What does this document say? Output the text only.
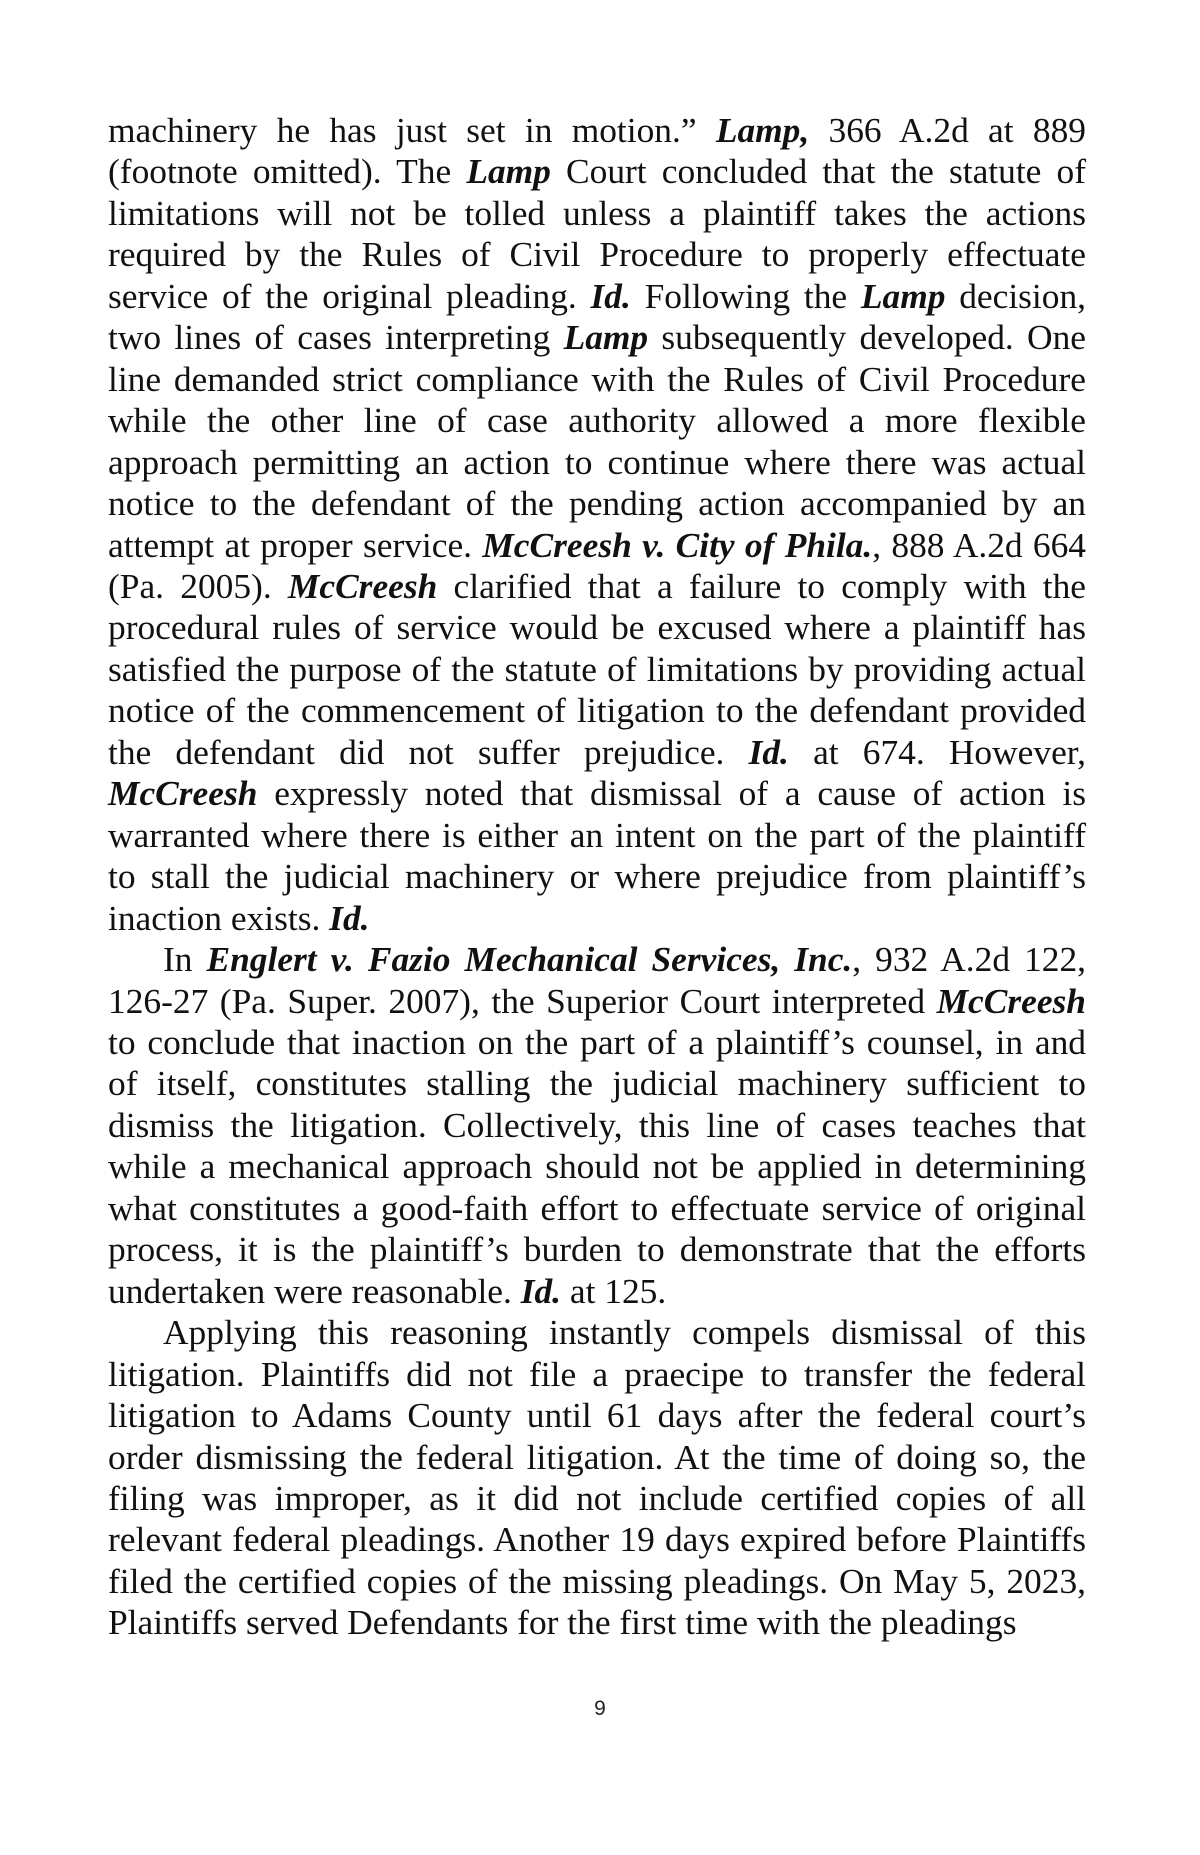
machinery he has just set in motion.” Lamp, 366 A.2d at 889 (footnote omitted). The Lamp Court concluded that the statute of limitations will not be tolled unless a plaintiff takes the actions required by the Rules of Civil Procedure to properly effectuate service of the original pleading. Id. Following the Lamp decision, two lines of cases interpreting Lamp subsequently developed. One line demanded strict compliance with the Rules of Civil Procedure while the other line of case authority allowed a more flexible approach permitting an action to continue where there was actual notice to the defendant of the pending action accompanied by an attempt at proper service. McCreesh v. City of Phila., 888 A.2d 664 (Pa. 2005). McCreesh clarified that a failure to comply with the procedural rules of service would be excused where a plaintiff has satisfied the purpose of the statute of limitations by providing actual notice of the commencement of litigation to the defendant provided the defendant did not suffer prejudice. Id. at 674. However, McCreesh expressly noted that dismissal of a cause of action is warranted where there is either an intent on the part of the plaintiff to stall the judicial machinery or where prejudice from plaintiff’s inaction exists. Id.

In Englert v. Fazio Mechanical Services, Inc., 932 A.2d 122, 126-27 (Pa. Super. 2007), the Superior Court interpreted McCreesh to conclude that inaction on the part of a plaintiff’s counsel, in and of itself, constitutes stalling the judicial machinery sufficient to dismiss the litigation. Collectively, this line of cases teaches that while a mechanical approach should not be applied in determining what constitutes a good-faith effort to effectuate service of original process, it is the plaintiff’s burden to demonstrate that the efforts undertaken were reasonable. Id. at 125.

Applying this reasoning instantly compels dismissal of this litigation. Plaintiffs did not file a praecipe to transfer the federal litigation to Adams County until 61 days after the federal court’s order dismissing the federal litigation. At the time of doing so, the filing was improper, as it did not include certified copies of all relevant federal pleadings. Another 19 days expired before Plaintiffs filed the certified copies of the missing pleadings. On May 5, 2023, Plaintiffs served Defendants for the first time with the pleadings

9
